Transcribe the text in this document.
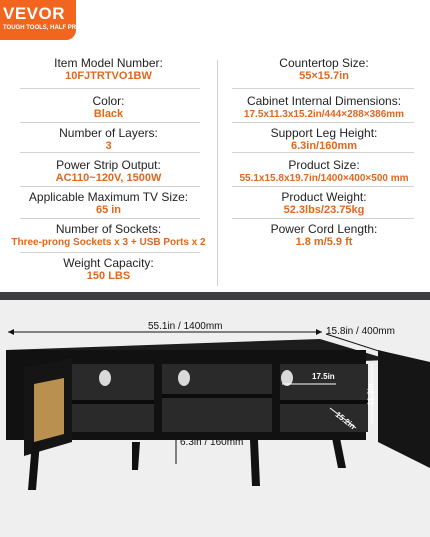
VEVOR
TOUGH TOOLS, HALF PRICE
Item Model Number:
10FJTRTVO1BW
Color:
Black
Number of Layers:
3
Power Strip Output:
AC110~120V, 1500W
Applicable Maximum TV Size:
65 in
Number of Sockets:
Three-prong Sockets x 3 + USB Ports x 2
Weight Capacity:
150 LBS
Countertop Size:
55×15.7in
Cabinet Internal Dimensions:
17.5x11.3x15.2in/444×288×386mm
Support Leg Height:
6.3in/160mm
Product Size:
55.1x15.8x19.7in/1400×400×500 mm
Product Weight:
52.3lbs/23.75kg
Power Cord Length:
1.8 m/5.9 ft
55.1in / 1400mm	15.8in / 400mm
6.3in / 160mm
17.5in
11.3in
15.2in
